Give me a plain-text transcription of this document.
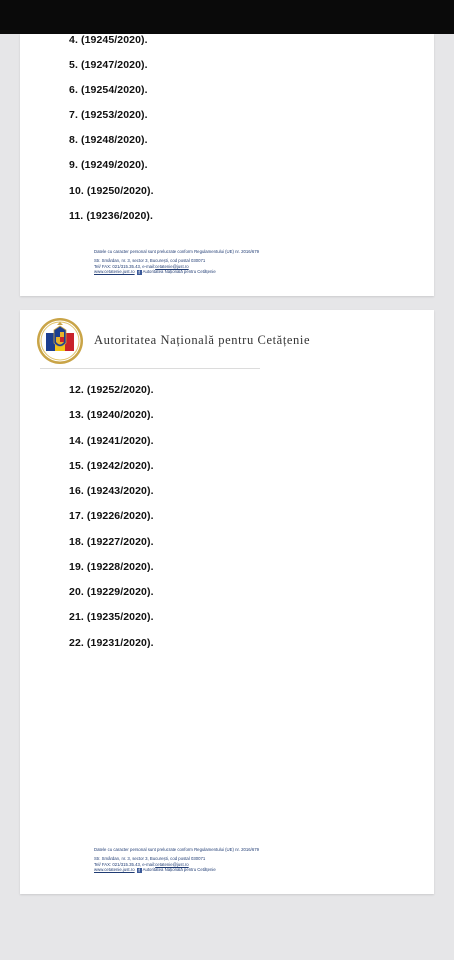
4. (19245/2020).
5. (19247/2020).
6. (19254/2020).
7. (19253/2020).
8. (19248/2020).
9. (19249/2020).
10. (19250/2020).
11. (19236/2020).
Datele cu caracter personal sunt prelucrate conform Regulamentului (UE) nr. 2016/679
Str. Smârdan, nr. 3, sector 3, București, cod postal 030071
Tel/ FAX: 021/315.35.43, e-mail:cetatenie@just.ro
www.cetatenie.just.ro f Autoritatea Națională pentru Cetățenie
Autoritatea Națională pentru Cetățenie
12. (19252/2020).
13. (19240/2020).
14. (19241/2020).
15. (19242/2020).
16. (19243/2020).
17. (19226/2020).
18. (19227/2020).
19. (19228/2020).
20. (19229/2020).
21. (19235/2020).
22. (19231/2020).
Datele cu caracter personal sunt prelucrate conform Regulamentului (UE) nr. 2016/679
Str. Smârdan, nr. 3, sector 3, București, cod postal 030071
Tel/ FAX: 021/315.35.43, e-mail:cetatenie@just.ro
www.cetatenie.just.ro f Autoritatea Națională pentru Cetățenie
